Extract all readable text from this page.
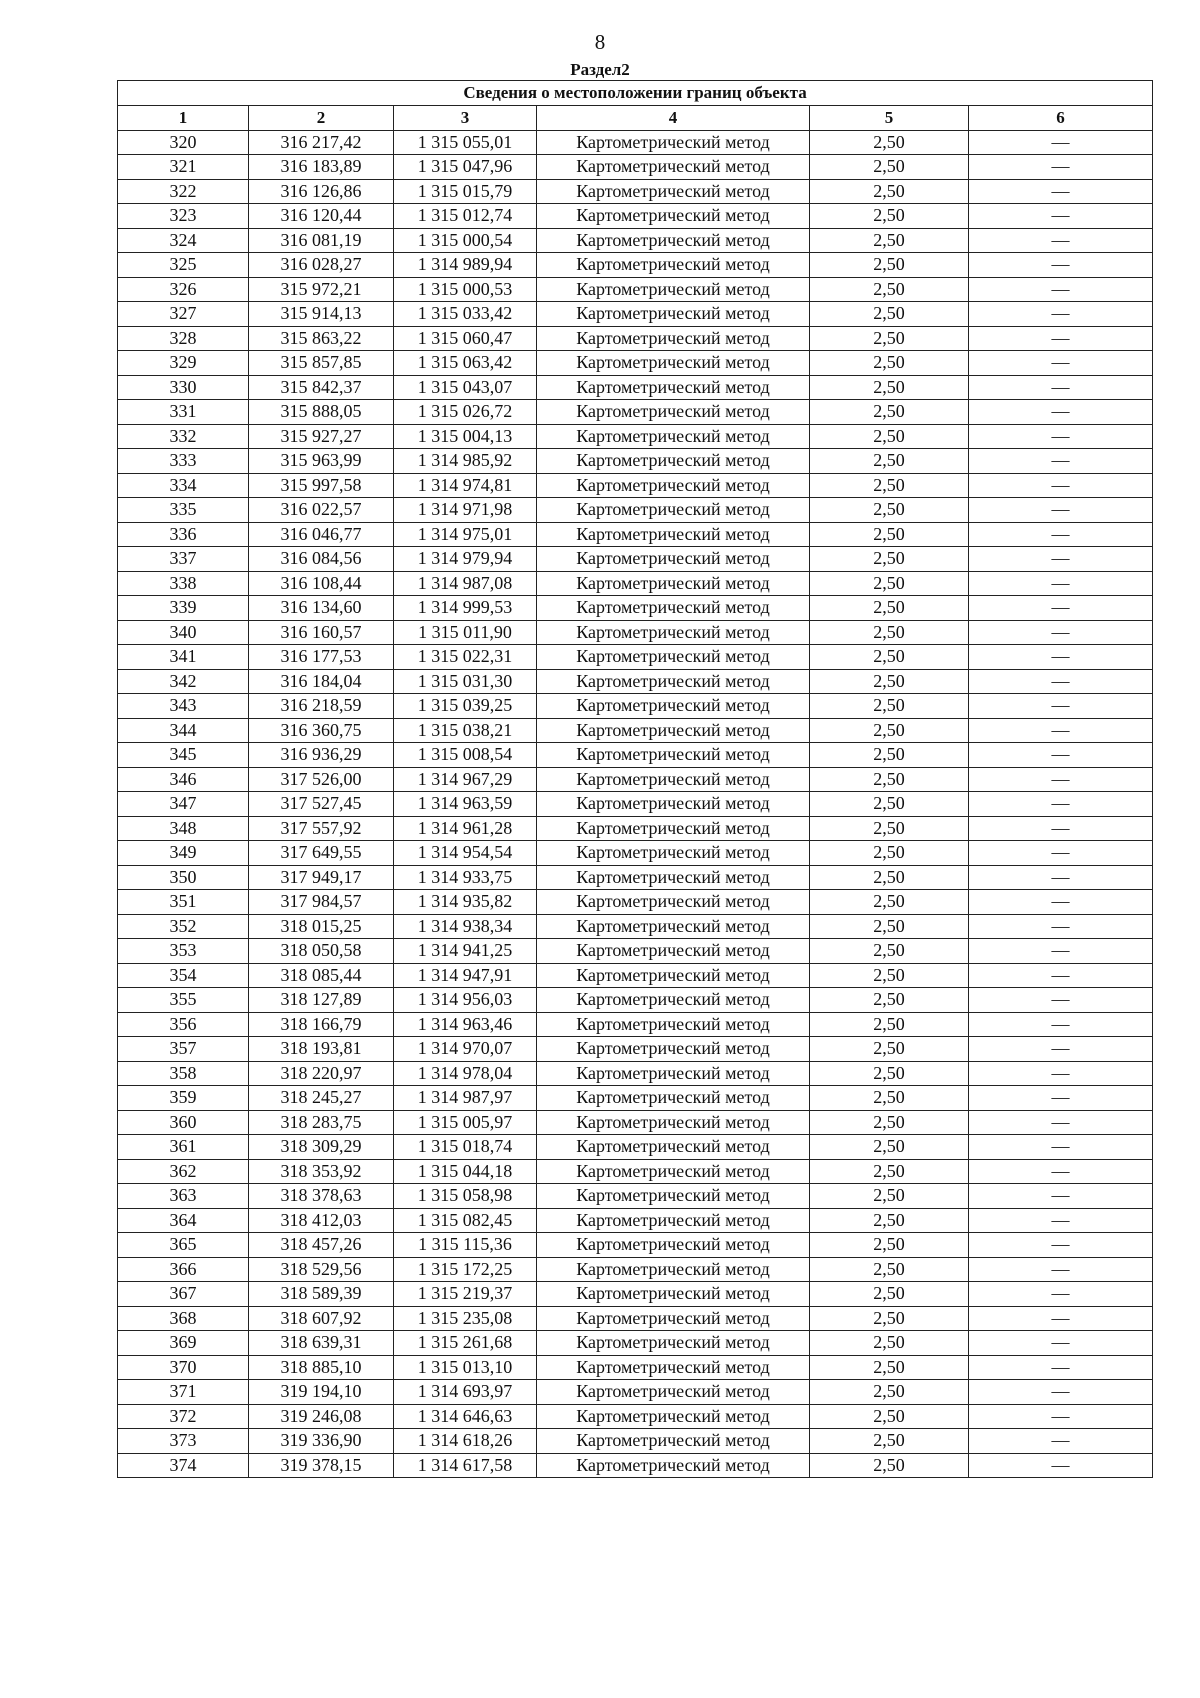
8
Раздел2
Сведения о местоположении границ объекта					
1	2	3	4	5	6
320	316 217,42	1 315 055,01	Картометрический метод	2,50	—
321	316 183,89	1 315 047,96	Картометрический метод	2,50	—
322	316 126,86	1 315 015,79	Картометрический метод	2,50	—
323	316 120,44	1 315 012,74	Картометрический метод	2,50	—
324	316 081,19	1 315 000,54	Картометрический метод	2,50	—
325	316 028,27	1 314 989,94	Картометрический метод	2,50	—
326	315 972,21	1 315 000,53	Картометрический метод	2,50	—
327	315 914,13	1 315 033,42	Картометрический метод	2,50	—
328	315 863,22	1 315 060,47	Картометрический метод	2,50	—
329	315 857,85	1 315 063,42	Картометрический метод	2,50	—
330	315 842,37	1 315 043,07	Картометрический метод	2,50	—
331	315 888,05	1 315 026,72	Картометрический метод	2,50	—
332	315 927,27	1 315 004,13	Картометрический метод	2,50	—
333	315 963,99	1 314 985,92	Картометрический метод	2,50	—
334	315 997,58	1 314 974,81	Картометрический метод	2,50	—
335	316 022,57	1 314 971,98	Картометрический метод	2,50	—
336	316 046,77	1 314 975,01	Картометрический метод	2,50	—
337	316 084,56	1 314 979,94	Картометрический метод	2,50	—
338	316 108,44	1 314 987,08	Картометрический метод	2,50	—
339	316 134,60	1 314 999,53	Картометрический метод	2,50	—
340	316 160,57	1 315 011,90	Картометрический метод	2,50	—
341	316 177,53	1 315 022,31	Картометрический метод	2,50	—
342	316 184,04	1 315 031,30	Картометрический метод	2,50	—
343	316 218,59	1 315 039,25	Картометрический метод	2,50	—
344	316 360,75	1 315 038,21	Картометрический метод	2,50	—
345	316 936,29	1 315 008,54	Картометрический метод	2,50	—
346	317 526,00	1 314 967,29	Картометрический метод	2,50	—
347	317 527,45	1 314 963,59	Картометрический метод	2,50	—
348	317 557,92	1 314 961,28	Картометрический метод	2,50	—
349	317 649,55	1 314 954,54	Картометрический метод	2,50	—
350	317 949,17	1 314 933,75	Картометрический метод	2,50	—
351	317 984,57	1 314 935,82	Картометрический метод	2,50	—
352	318 015,25	1 314 938,34	Картометрический метод	2,50	—
353	318 050,58	1 314 941,25	Картометрический метод	2,50	—
354	318 085,44	1 314 947,91	Картометрический метод	2,50	—
355	318 127,89	1 314 956,03	Картометрический метод	2,50	—
356	318 166,79	1 314 963,46	Картометрический метод	2,50	—
357	318 193,81	1 314 970,07	Картометрический метод	2,50	—
358	318 220,97	1 314 978,04	Картометрический метод	2,50	—
359	318 245,27	1 314 987,97	Картометрический метод	2,50	—
360	318 283,75	1 315 005,97	Картометрический метод	2,50	—
361	318 309,29	1 315 018,74	Картометрический метод	2,50	—
362	318 353,92	1 315 044,18	Картометрический метод	2,50	—
363	318 378,63	1 315 058,98	Картометрический метод	2,50	—
364	318 412,03	1 315 082,45	Картометрический метод	2,50	—
365	318 457,26	1 315 115,36	Картометрический метод	2,50	—
366	318 529,56	1 315 172,25	Картометрический метод	2,50	—
367	318 589,39	1 315 219,37	Картометрический метод	2,50	—
368	318 607,92	1 315 235,08	Картометрический метод	2,50	—
369	318 639,31	1 315 261,68	Картометрический метод	2,50	—
370	318 885,10	1 315 013,10	Картометрический метод	2,50	—
371	319 194,10	1 314 693,97	Картометрический метод	2,50	—
372	319 246,08	1 314 646,63	Картометрический метод	2,50	—
373	319 336,90	1 314 618,26	Картометрический метод	2,50	—
374	319 378,15	1 314 617,58	Картометрический метод	2,50	—
